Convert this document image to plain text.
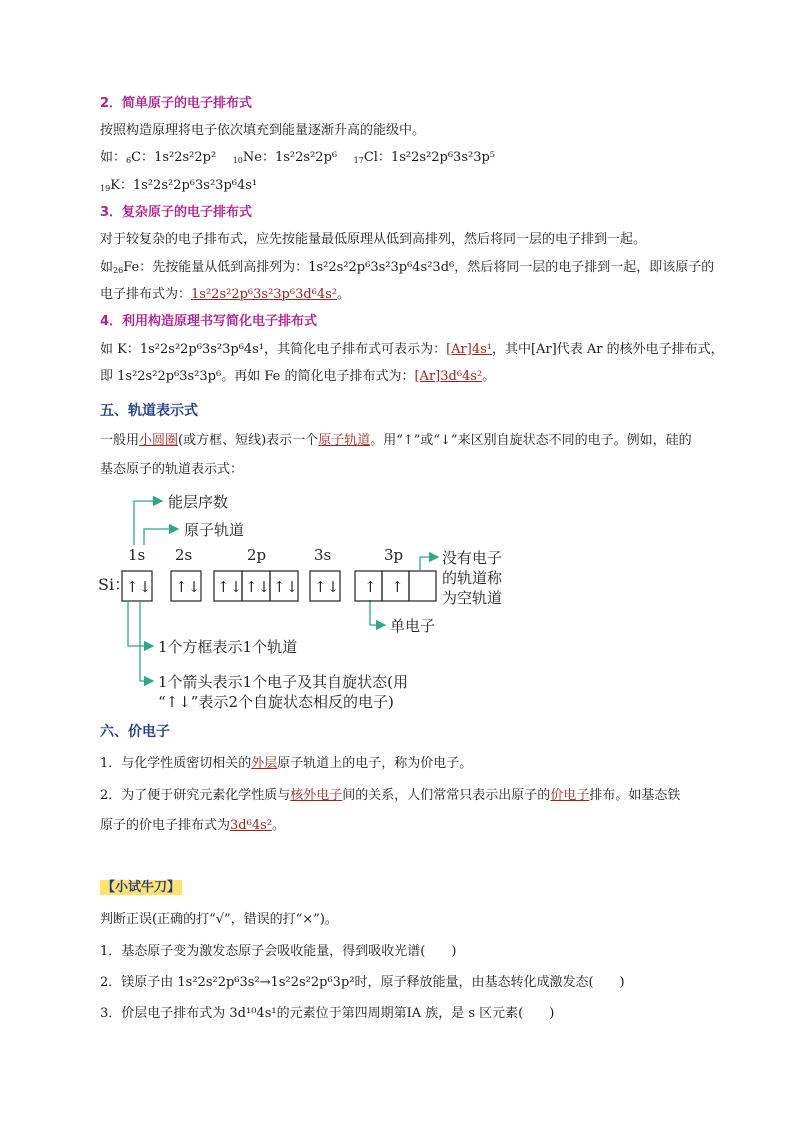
2．简单原子的电子排布式
按照构造原理将电子依次填充到能量逐渐升高的能级中。
如：$_6$C：1s²2s²2p² $_{10}$Ne：1s²2s²2p⁶ $_{17}$Cl：1s²2s²2p⁶3s²3p⁵
$_{19}$K：1s²2s²2p⁶3s²3p⁶4s¹
3．复杂原子的电子排布式
对于较复杂的电子排布式，应先按能量最低原理从低到高排列，然后将同一层的电子排到一起。
如$_{26}$Fe：先按能量从低到高排列为：1s²2s²2p⁶3s²3p⁶4s²3d⁶，然后将同一层的电子排到一起，即该原子的
电子排布式为：1s²2s²2p⁶3s²3p⁶3d⁶4s²。
4．利用构造原理书写简化电子排布式
如 K：1s²2s²2p⁶3s²3p⁶4s¹，其简化电子排布式可表示为：[Ar]4s¹，其中[Ar]代表 Ar 的核外电子排布式，
即 1s²2s²2p⁶3s²3p⁶。再如 Fe 的简化电子排布式为：[Ar]3d⁶4s²。
五、轨道表示式
一般用小圆圈(或方框、短线)表示一个原子轨道。用“↑”或“↓”来区别自旋状态不同的电子。例如，硅的
基态原子的轨道表示式：
1s 2s	2p	3s	3p
Si：
↑↓ ↑↓ ↑↓ ↑↓ ↑↓ ↑↓ ↑ ↑
能层序数
原子轨道
没有电子
的轨道称
为空轨道
单电子
1个方框表示1个轨道
1个箭头表示1个电子及其自旋状态(用
“↑↓”表示2个自旋状态相反的电子)
六、价电子
1．与化学性质密切相关的外层原子轨道上的电子，称为价电子。
2．为了便于研究元素化学性质与核外电子间的关系，人们常常只表示出原子的价电子排布。如基态铁
原子的价电子排布式为3d⁶4s²。
【小试牛刀】
判断正误(正确的打“√”，错误的打“×”)。
1．基态原子变为激发态原子会吸收能量，得到吸收光谱(　　)
2．镁原子由 1s²2s²2p⁶3s²→1s²2s²2p⁶3p²时，原子释放能量，由基态转化成激发态(　　)
3．价层电子排布式为 3d¹⁰4s¹的元素位于第四周期第ⅠA 族，是 s 区元素(　　)
